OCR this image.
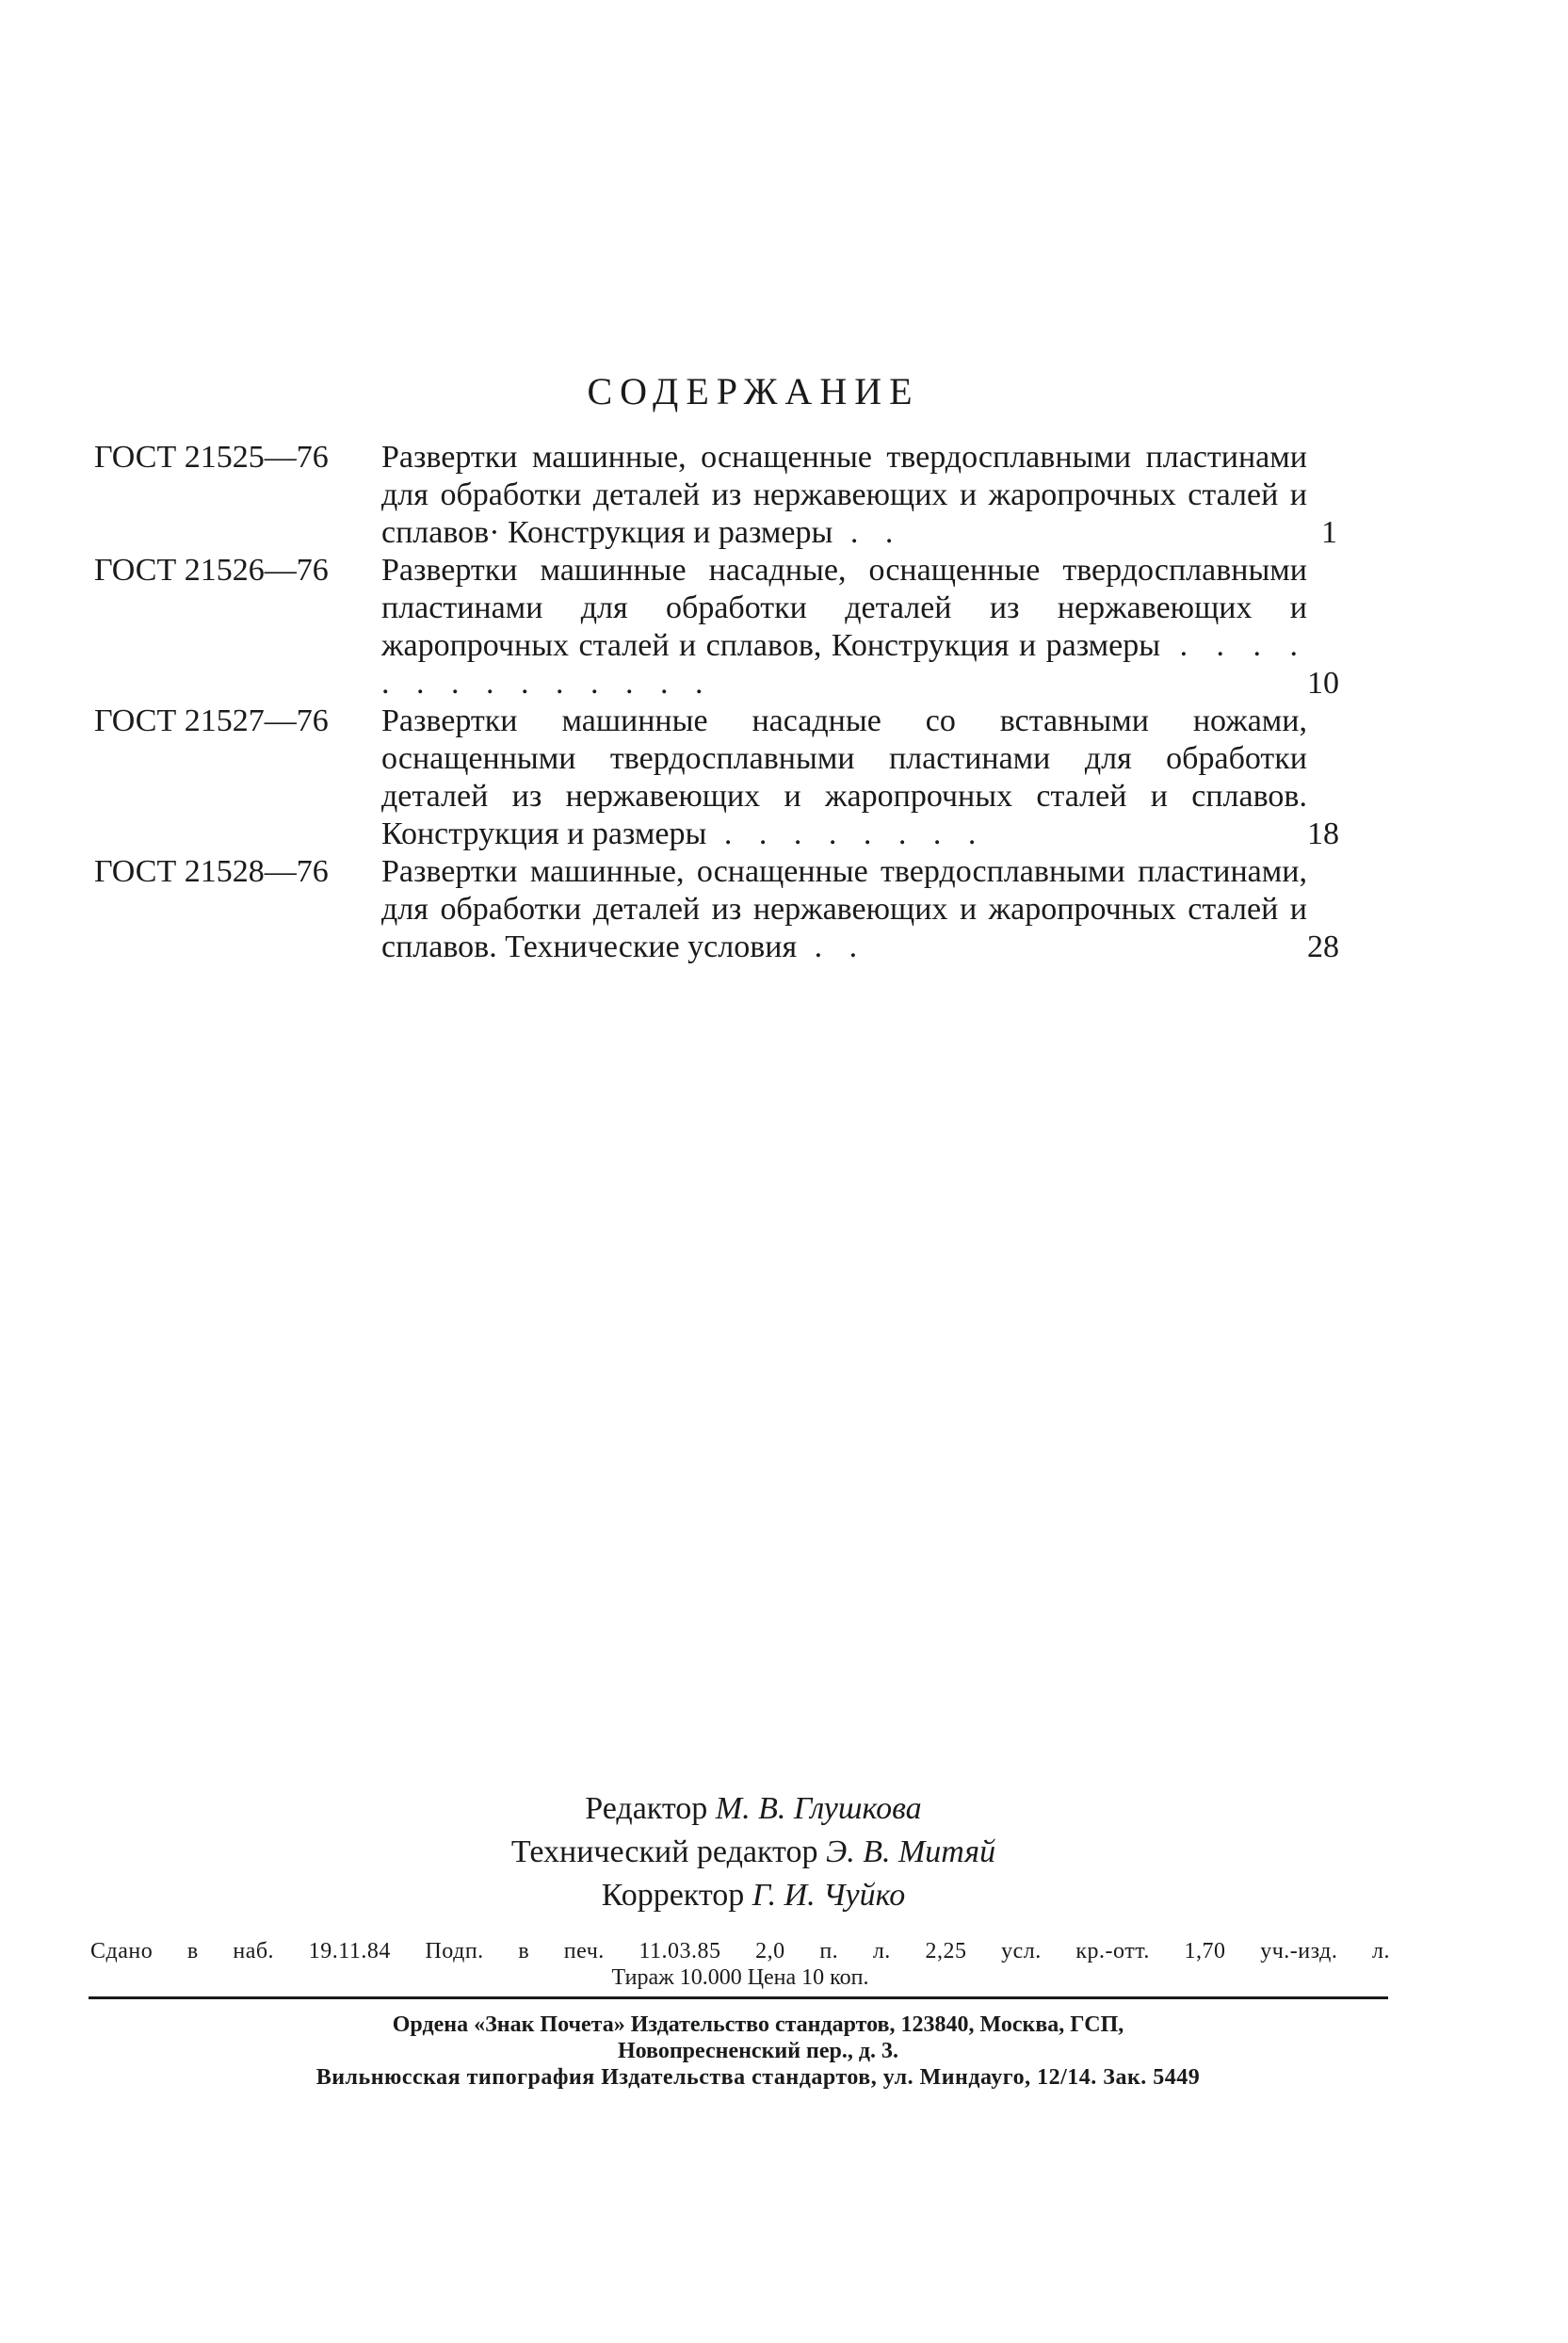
СОДЕРЖАНИЕ
ГОСТ 21525—76	Развертки машинные, оснащенные твердосплавными пластинами для обработки деталей из нержавеющих и жаропрочных сталей и сплавов· Конструкция и размеры . .	1
ГОСТ 21526—76	Развертки машинные насадные, оснащенные твердосплавными пластинами для обработки деталей из нержавеющих и жаропрочных сталей и сплавов, Конструкция и размеры . . . . . . . . . . . . . .	10
ГОСТ 21527—76	Развертки машинные насадные со вставными ножами, оснащенными твердосплавными пластинами для обработки деталей из нержавеющих и жаропрочных сталей и сплавов. Конструкция и размеры . . . . . . . .	18
ГОСТ 21528—76	Развертки машинные, оснащенные твердосплавными пластинами, для обработки деталей из нержавеющих и жаропрочных сталей и сплавов. Технические условия . .	28
Редактор М. В. Глушкова
Технический редактор Э. В. Митяй
Корректор Г. И. Чуйко
Сдано в наб. 19.11.84 Подп. в печ. 11.03.85 2,0 п. л. 2,25 усл. кр.-отт. 1,70 уч.-изд. л.
Тираж 10.000 Цена 10 коп.
Ордена «Знак Почета» Издательство стандартов, 123840, Москва, ГСП,
Новопресненский пер., д. 3.
Вильнюсская типография Издательства стандартов, ул. Миндауго, 12/14. Зак. 5449
